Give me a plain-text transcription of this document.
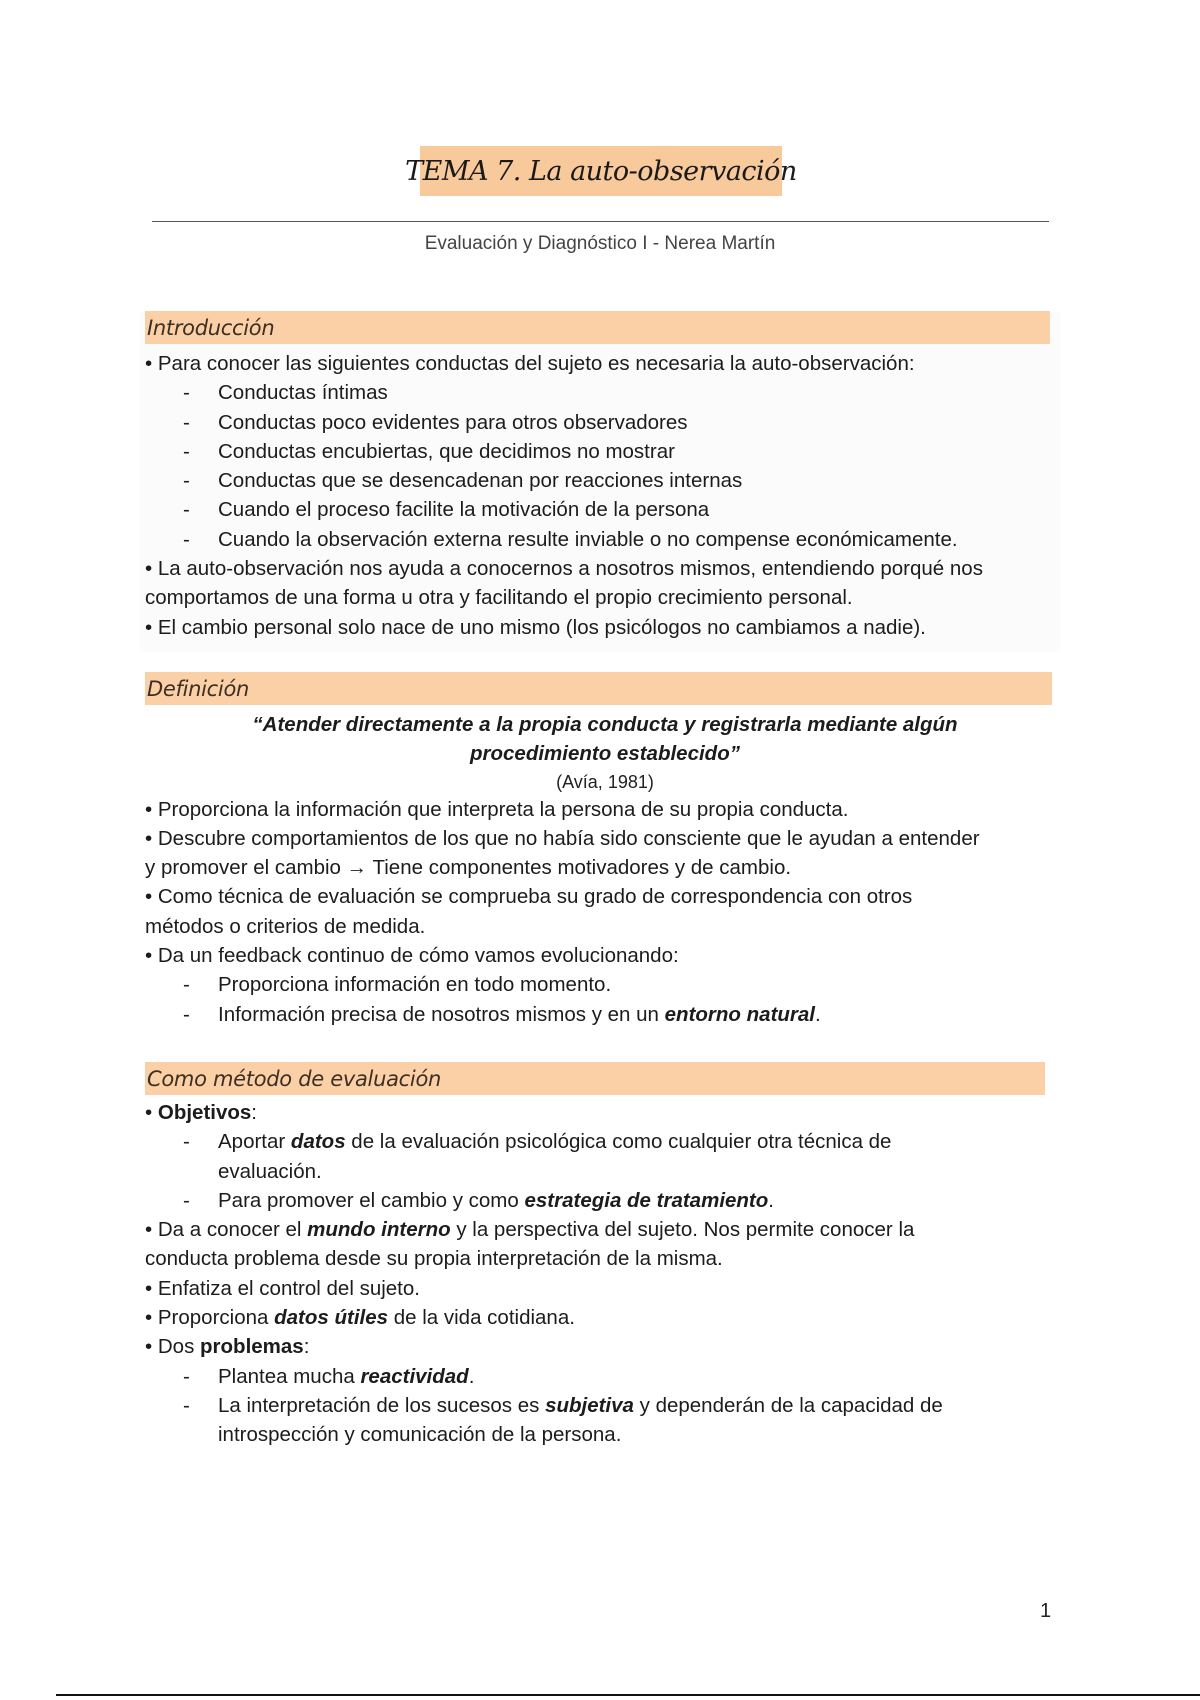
TEMA 7. La auto-observación
Evaluación y Diagnóstico I - Nerea Martín
Introducción
• Para conocer las siguientes conductas del sujeto es necesaria la auto-observación:
- Conductas íntimas
- Conductas poco evidentes para otros observadores
- Conductas encubiertas, que decidimos no mostrar
- Conductas que se desencadenan por reacciones internas
- Cuando el proceso facilite la motivación de la persona
- Cuando la observación externa resulte inviable o no compense económicamente.
• La auto-observación nos ayuda a conocernos a nosotros mismos, entendiendo porqué nos
comportamos de una forma u otra y facilitando el propio crecimiento personal.
• El cambio personal solo nace de uno mismo (los psicólogos no cambiamos a nadie).
Definición
“Atender directamente a la propia conducta y registrarla mediante algún
procedimiento establecido”
(Avía, 1981)
• Proporciona la información que interpreta la persona de su propia conducta.
• Descubre comportamientos de los que no había sido consciente que le ayudan a entender
y promover el cambio → Tiene componentes motivadores y de cambio.
• Como técnica de evaluación se comprueba su grado de correspondencia con otros
métodos o criterios de medida.
• Da un feedback continuo de cómo vamos evolucionando:
- Proporciona información en todo momento.
- Información precisa de nosotros mismos y en un entorno natural.
Como método de evaluación
• Objetivos:
- Aportar datos de la evaluación psicológica como cualquier otra técnica de
evaluación.
- Para promover el cambio y como estrategia de tratamiento.
• Da a conocer el mundo interno y la perspectiva del sujeto. Nos permite conocer la
conducta problema desde su propia interpretación de la misma.
• Enfatiza el control del sujeto.
• Proporciona datos útiles de la vida cotidiana.
• Dos problemas:
- Plantea mucha reactividad.
- La interpretación de los sucesos es subjetiva y dependerán de la capacidad de
introspección y comunicación de la persona.
1
